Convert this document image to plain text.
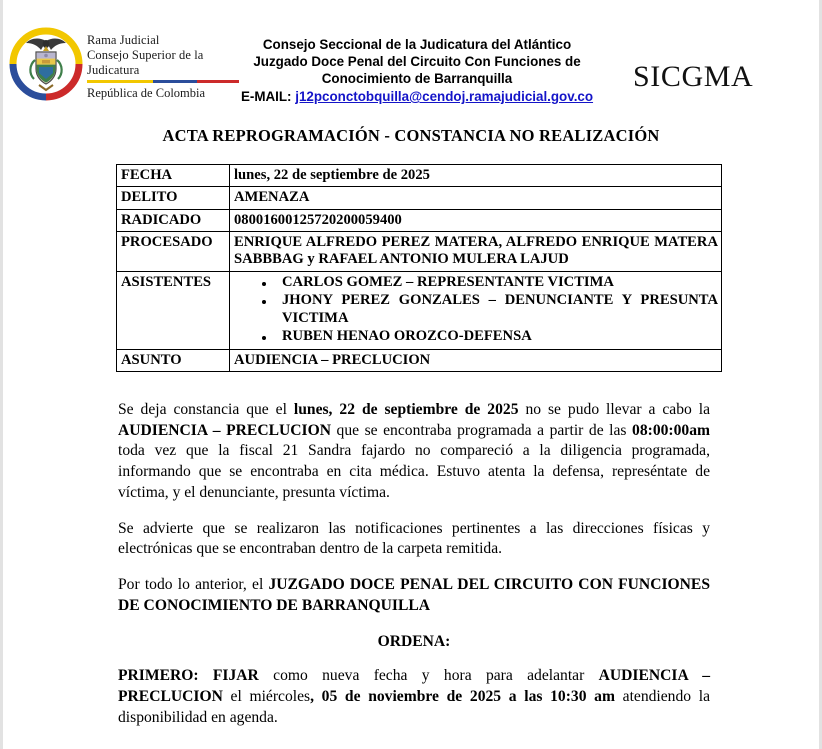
Rama Judicial
Consejo Superior de la Judicatura
República de Colombia
Consejo Seccional de la Judicatura del Atlántico
Juzgado Doce Penal del Circuito Con Funciones de
Conocimiento de Barranquilla
E-MAIL: j12pconctobquilla@cendoj.ramajudicial.gov.co
SICGMA
ACTA REPROGRAMACIÓN - CONSTANCIA NO REALIZACIÓN
FECHA	lunes, 22 de septiembre de 2025
DELITO	AMENAZA
RADICADO	08001600125720200059400
PROCESADO	ENRIQUE ALFREDO PEREZ MATERA, ALFREDO ENRIQUE MATERA SABBBAG y RAFAEL ANTONIO MULERA LAJUD
ASISTENTES	CARLOS GOMEZ – REPRESENTANTE VICTIMA
JHONY PEREZ GONZALES – DENUNCIANTE Y PRESUNTA VICTIMA
RUBEN HENAO OROZCO-DEFENSA

ASUNTO	AUDIENCIA – PRECLUCION

Se deja constancia que el lunes, 22 de septiembre de 2025 no se pudo llevar a cabo la AUDIENCIA – PRECLUCION que se encontraba programada a partir de las 08:00:00am toda vez que la fiscal 21 Sandra fajardo no compareció a la diligencia programada, informando que se encontraba en cita médica. Estuvo atenta la defensa, represéntate de víctima, y el denunciante, presunta víctima.

Se advierte que se realizaron las notificaciones pertinentes a las direcciones físicas y electrónicas que se encontraban dentro de la carpeta remitida.

Por todo lo anterior, el JUZGADO DOCE PENAL DEL CIRCUITO CON FUNCIONES DE CONOCIMIENTO DE BARRANQUILLA

ORDENA:

PRIMERO: FIJAR como nueva fecha y hora para adelantar AUDIENCIA – PRECLUCION el miércoles, 05 de noviembre de 2025 a las 10:30 am atendiendo la disponibilidad en agenda.
